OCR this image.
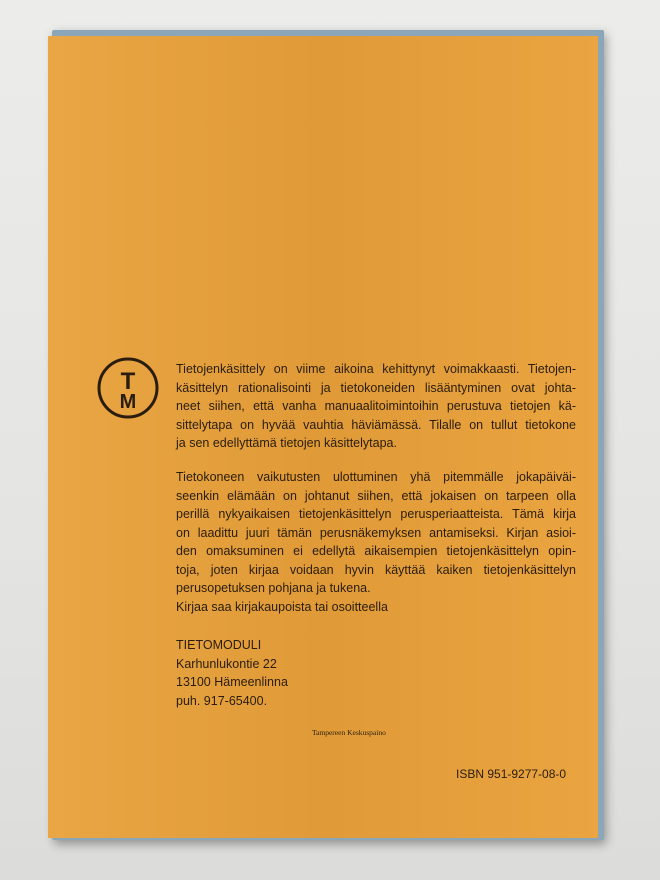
T
M
Tietojenkäsittely on viime aikoina kehittynyt voimakkaasti. Tietojen-
käsittelyn rationalisointi ja tietokoneiden lisääntyminen ovat johta-
neet siihen, että vanha manuaalitoimintoihin perustuva tietojen kä-
sittelytapa on hyvää vauhtia häviämässä. Tilalle on tullut tietokone
ja sen edellyttämä tietojen käsittelytapa.
Tietokoneen vaikutusten ulottuminen yhä pitemmälle jokapäiväi-
seenkin elämään on johtanut siihen, että jokaisen on tarpeen olla
perillä nykyaikaisen tietojenkäsittelyn perusperiaatteista. Tämä kirja
on laadittu juuri tämän perusnäkemyksen antamiseksi. Kirjan asioi-
den omaksuminen ei edellytä aikaisempien tietojenkäsittelyn opin-
toja, joten kirjaa voidaan hyvin käyttää kaiken tietojenkäsittelyn
perusopetuksen pohjana ja tukena.
Kirjaa saa kirjakaupoista tai osoitteella
TIETOMODULI
Karhunlukontie 22
13100 Hämeenlinna
puh. 917-65400.
Tampereen Keskuspaino
ISBN 951-9277-08-0
